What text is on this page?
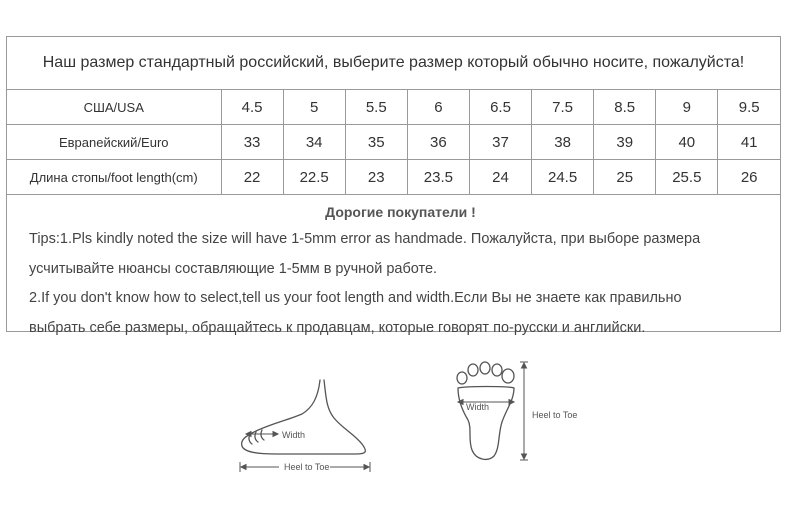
Наш размер стандартный российский, выберите размер который обычно носите, пожалуйста!
США/USA	4.5	5	5.5	6	6.5	7.5	8.5	9	9.5
Евраnейский/Euro	33	34	35	36	37	38	39	40	41
Длина стопы/foot length(cm)	22	22.5	23	23.5	24	24.5	25	25.5	26
Дорогие покупатели !
Tips:1.Pls kindly noted the size will have 1-5mm error as handmade. Пожалуйста, при выборе размера
усчитывайте нюансы составляющие 1-5мм в ручной работе.
2.If you don't know how to select,tell us your foot length and width.Если Вы не знаете как правильно
выбрать себе размеры, обращайтесь к продавцам, которые говорят по-русски и английски.
Width
Heel to Toe
Width
Heel to Toe
